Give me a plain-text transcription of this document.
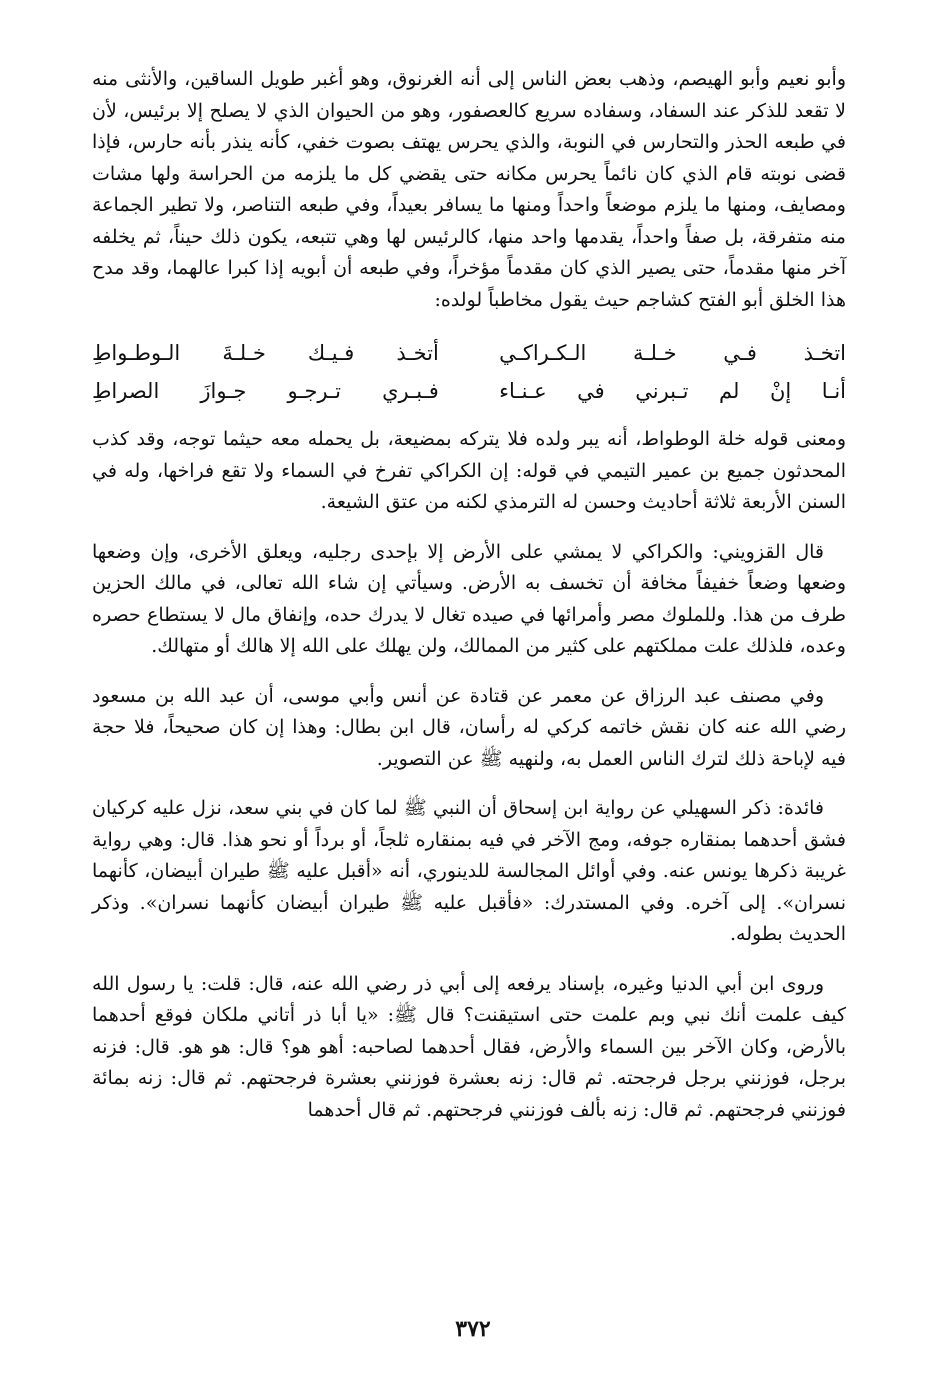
وأبو نعيم وأبو الهيصم، وذهب بعض الناس إلى أنه الغرنوق، وهو أغبر طويل الساقين، والأنثى منه لا تقعد للذكر عند السفاد، وسفاده سريع كالعصفور، وهو من الحيوان الذي لا يصلح إلا برئيس، لأن في طبعه الحذر والتحارس في النوبة، والذي يحرس يهتف بصوت خفي، كأنه ينذر بأنه حارس، فإذا قضى نوبته قام الذي كان نائماً يحرس مكانه حتى يقضي كل ما يلزمه من الحراسة ولها مشات ومصايف، ومنها ما يلزم موضعاً واحداً ومنها ما يسافر بعيداً، وفي طبعه التناصر، ولا تطير الجماعة منه متفرقة، بل صفاً واحداً، يقدمها واحد منها، كالرئيس لها وهي تتبعه، يكون ذلك حيناً، ثم يخلفه آخر منها مقدماً، حتى يصير الذي كان مقدماً مؤخراً، وفي طبعه أن أبويه إذا كبرا عالهما، وقد مدح هذا الخلق أبو الفتح كشاجم حيث يقول مخاطباً لولده:

اتخـذ فـي خـلـة الـكـراكـي
أتخـذ فـيـك خـلـةَ الـوطـواطِ
أنـا إنْ لم تـبرني في عـنـاء
فـبـري تـرجـو جـوازَ الصراطِ

ومعنى قوله خلة الوطواط، أنه يبر ولده فلا يتركه بمضيعة، بل يحمله معه حيثما توجه، وقد كذب المحدثون جميع بن عمير التيمي في قوله: إن الكراكي تفرخ في السماء ولا تقع فراخها، وله في السنن الأربعة ثلاثة أحاديث وحسن له الترمذي لكنه من عتق الشيعة.

قال القزويني: والكراكي لا يمشي على الأرض إلا بإحدى رجليه، ويعلق الأخرى، وإن وضعها وضعها وضعاً خفيفاً مخافة أن تخسف به الأرض. وسيأتي إن شاء الله تعالى، في مالك الحزين طرف من هذا. وللملوك مصر وأمرائها في صيده تغال لا يدرك حده، وإنفاق مال لا يستطاع حصره وعده، فلذلك علت مملكتهم على كثير من الممالك، ولن يهلك على الله إلا هالك أو متهالك.

وفي مصنف عبد الرزاق عن معمر عن قتادة عن أنس وأبي موسى، أن عبد الله بن مسعود رضي الله عنه كان نقش خاتمه كركي له رأسان، قال ابن بطال: وهذا إن كان صحيحاً، فلا حجة فيه لإباحة ذلك لترك الناس العمل به، ولنهيه ﷺ عن التصوير.

فائدة: ذكر السهيلي عن رواية ابن إسحاق أن النبي ﷺ لما كان في بني سعد، نزل عليه كركيان فشق أحدهما بمنقاره جوفه، ومج الآخر في فيه بمنقاره ثلجاً، أو برداً أو نحو هذا. قال: وهي رواية غريبة ذكرها يونس عنه. وفي أوائل المجالسة للدينوري، أنه «أقبل عليه ﷺ طيران أبيضان، كأنهما نسران». إلى آخره. وفي المستدرك: «فأقبل عليه ﷺ طيران أبيضان كأنهما نسران». وذكر الحديث بطوله.

وروى ابن أبي الدنيا وغيره، بإسناد يرفعه إلى أبي ذر رضي الله عنه، قال: قلت: يا رسول الله كيف علمت أنك نبي وبم علمت حتى استيقنت؟ قال ﷺ: «يا أبا ذر أتاني ملكان فوقع أحدهما بالأرض، وكان الآخر بين السماء والأرض، فقال أحدهما لصاحبه: أهو هو؟ قال: هو هو. قال: فزنه برجل، فوزنني برجل فرجحته. ثم قال: زنه بعشرة فوزنني بعشرة فرجحتهم. ثم قال: زنه بمائة فوزنني فرجحتهم. ثم قال: زنه بألف فوزنني فرجحتهم. ثم قال أحدهما

٣٧٢
